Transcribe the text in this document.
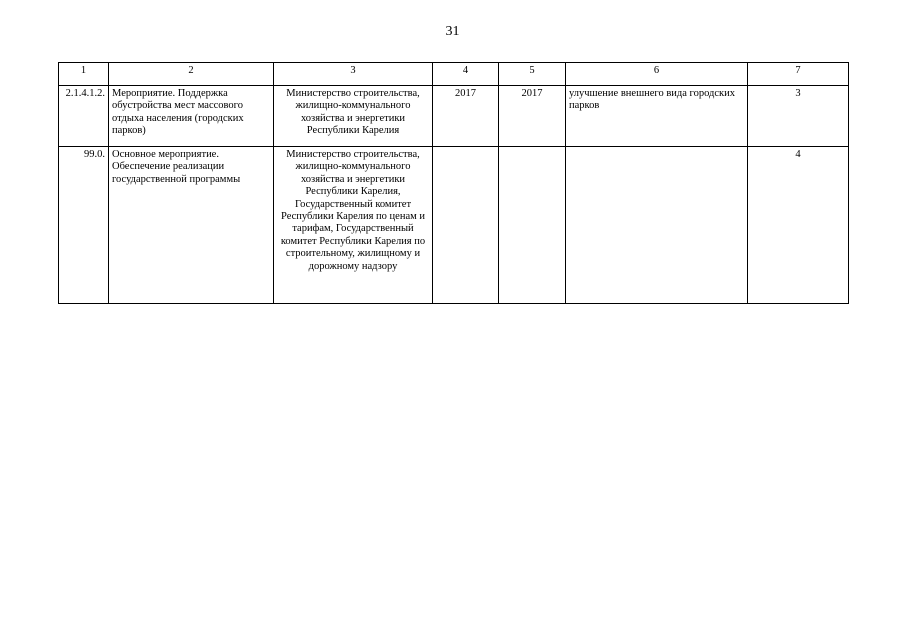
31
1	2	3	4	5	6	7
2.1.4.1.2.	Мероприятие. Поддержка обустройства мест массового отдыха населения (городских парков)	Министерство строительства, жилищно-коммунального хозяйства и энергетики Республики Карелия	2017	2017	улучшение внешнего вида городских парков	3
99.0.	Основное мероприятие. Обеспечение реализации государственной программы	Министерство строительства, жилищно-коммунального хозяйства и энергетики Республики Карелия, Государственный комитет Республики Карелия по ценам и тарифам, Государственный комитет Республики Карелия по строительному, жилищному и дорожному надзору				4
